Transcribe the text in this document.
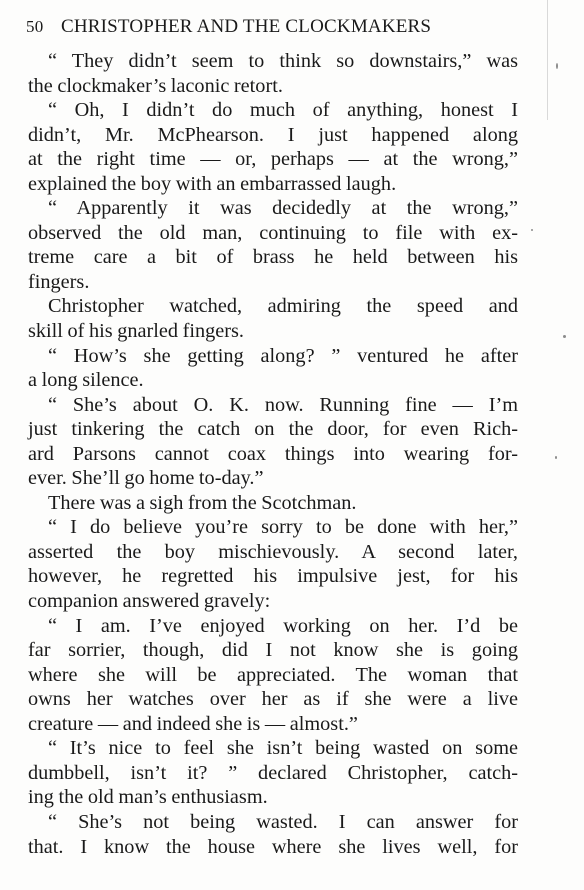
50 CHRISTOPHER AND THE CLOCKMAKERS
“ They didn’t seem to think so downstairs,” was
the clockmaker’s laconic retort.
“ Oh, I didn’t do much of anything, honest I
didn’t, Mr. McPhearson. I just happened along
at the right time — or, perhaps — at the wrong,”
explained the boy with an embarrassed laugh.
“ Apparently it was decidedly at the wrong,”
observed the old man, continuing to file with ex-
treme care a bit of brass he held between his
fingers.
Christopher watched, admiring the speed and
skill of his gnarled fingers.
“ How’s she getting along? ” ventured he after
a long silence.
“ She’s about O. K. now. Running fine — I’m
just tinkering the catch on the door, for even Rich-
ard Parsons cannot coax things into wearing for-
ever. She’ll go home to-day.”
There was a sigh from the Scotchman.
“ I do believe you’re sorry to be done with her,”
asserted the boy mischievously. A second later,
however, he regretted his impulsive jest, for his
companion answered gravely:
“ I am. I’ve enjoyed working on her. I’d be
far sorrier, though, did I not know she is going
where she will be appreciated. The woman that
owns her watches over her as if she were a live
creature — and indeed she is — almost.”
“ It’s nice to feel she isn’t being wasted on some
dumbbell, isn’t it? ” declared Christopher, catch-
ing the old man’s enthusiasm.
“ She’s not being wasted. I can answer for
that. I know the house where she lives well, for
